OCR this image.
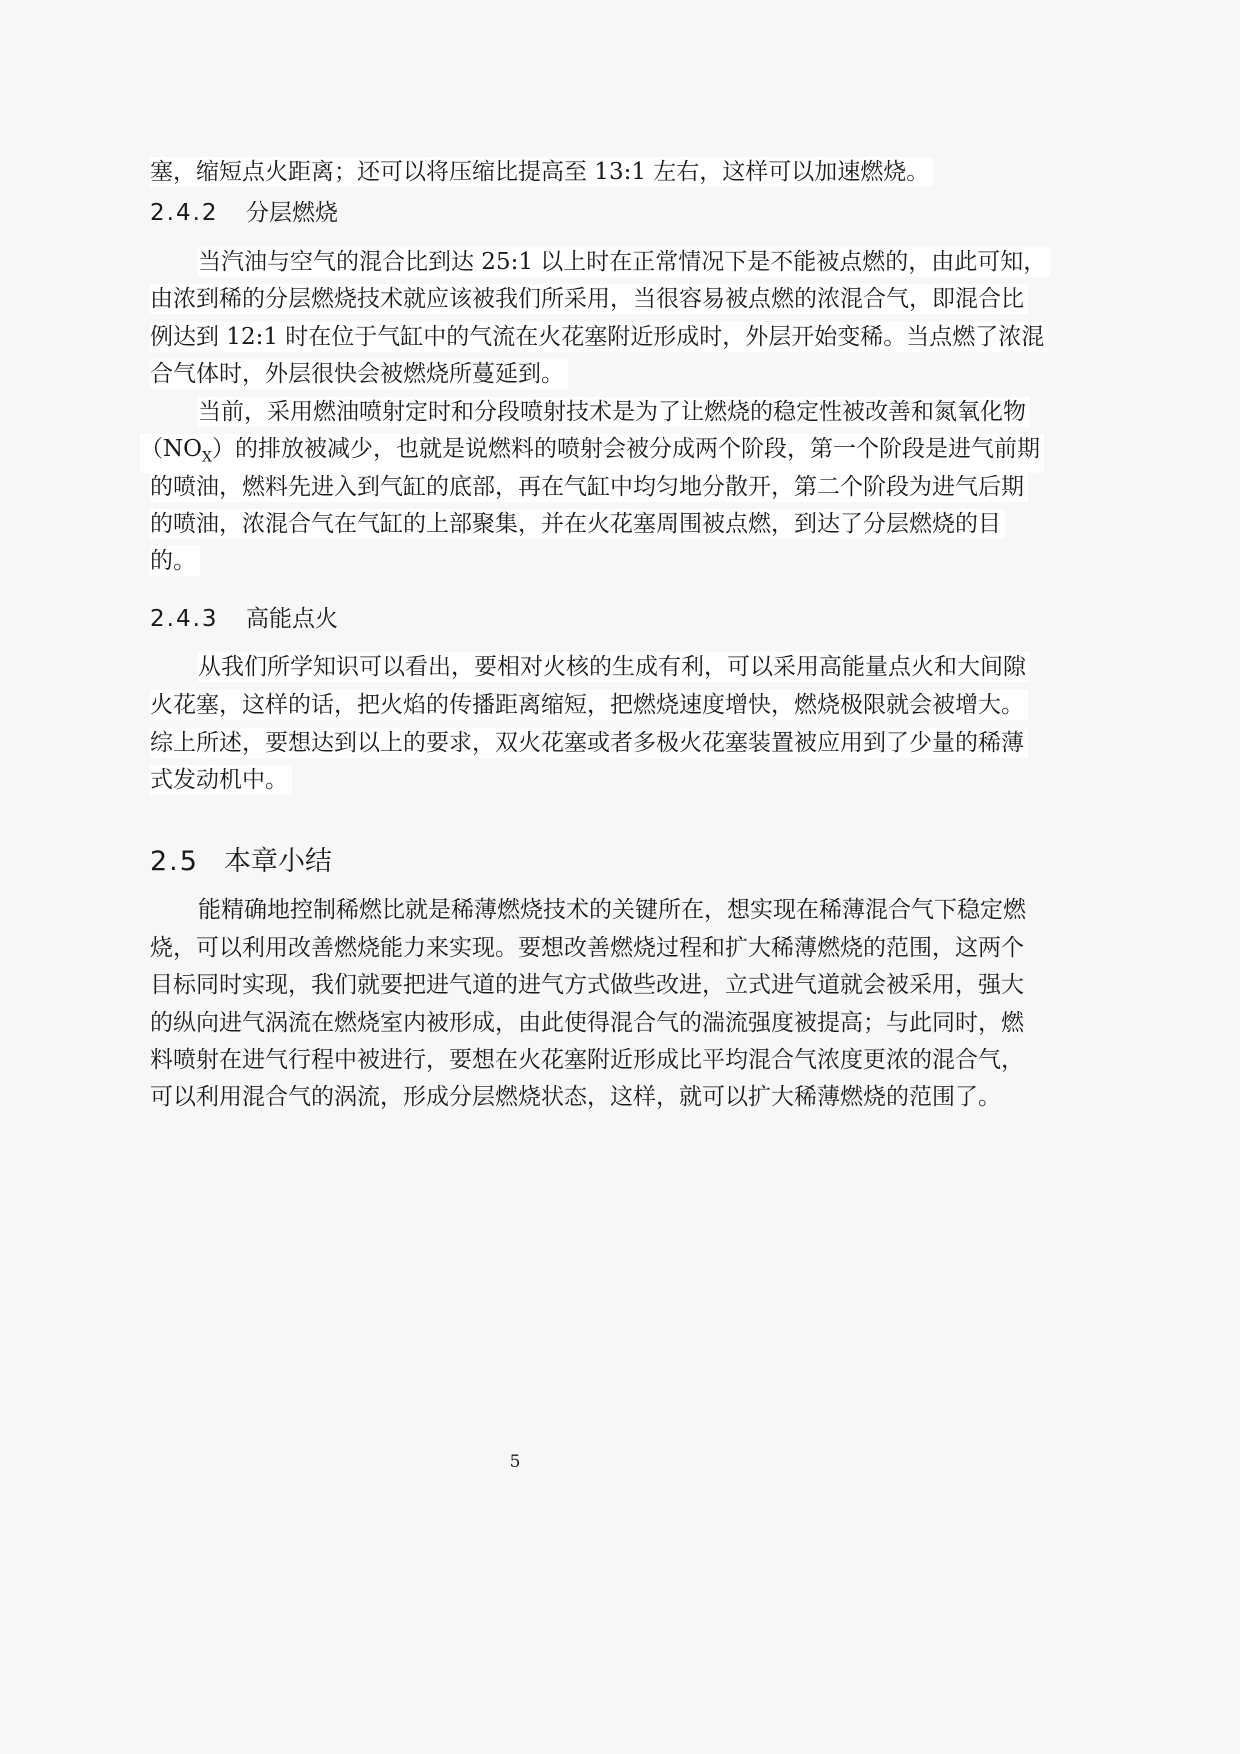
塞，缩短点火距离；还可以将压缩比提高至 13:1 左右，这样可以加速燃烧。
2.4.2 分层燃烧
当汽油与空气的混合比到达 25:1 以上时在正常情况下是不能被点燃的，由此可知，
由浓到稀的分层燃烧技术就应该被我们所采用，当很容易被点燃的浓混合气，即混合比
例达到 12:1 时在位于气缸中的气流在火花塞附近形成时，外层开始变稀。当点燃了浓混
合气体时，外层很快会被燃烧所蔓延到。
当前，采用燃油喷射定时和分段喷射技术是为了让燃烧的稳定性被改善和氮氧化物
$(NO_X)$的排放被减少，也就是说燃料的喷射会被分成两个阶段，第一个阶段是进气前期
的喷油，燃料先进入到气缸的底部，再在气缸中均匀地分散开，第二个阶段为进气后期
的喷油，浓混合气在气缸的上部聚集，并在火花塞周围被点燃，到达了分层燃烧的目
的。
2.4.3 高能点火
从我们所学知识可以看出，要相对火核的生成有利，可以采用高能量点火和大间隙
火花塞，这样的话，把火焰的传播距离缩短，把燃烧速度增快，燃烧极限就会被增大。
综上所述，要想达到以上的要求，双火花塞或者多极火花塞装置被应用到了少量的稀薄
式发动机中。
2.5 本章小结
能精确地控制稀燃比就是稀薄燃烧技术的关键所在，想实现在稀薄混合气下稳定燃
烧，可以利用改善燃烧能力来实现。要想改善燃烧过程和扩大稀薄燃烧的范围，这两个
目标同时实现，我们就要把进气道的进气方式做些改进，立式进气道就会被采用，强大
的纵向进气涡流在燃烧室内被形成，由此使得混合气的湍流强度被提高；与此同时，燃
料喷射在进气行程中被进行，要想在火花塞附近形成比平均混合气浓度更浓的混合气，
可以利用混合气的涡流，形成分层燃烧状态，这样，就可以扩大稀薄燃烧的范围了。
5
